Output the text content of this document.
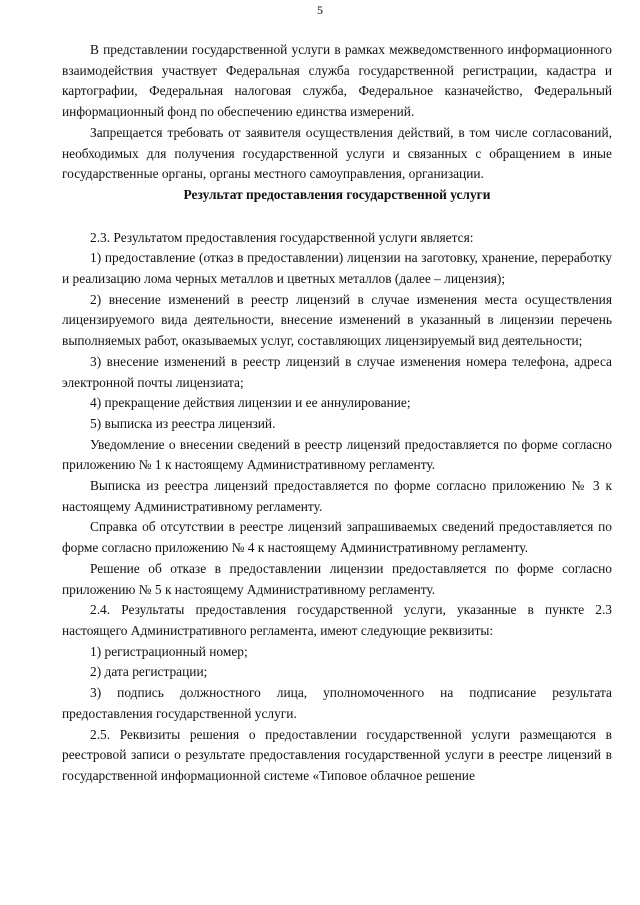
5

В представлении государственной услуги в рамках межведомственного информационного взаимодействия участвует Федеральная служба государственной регистрации, кадастра и картографии, Федеральная налоговая служба, Федеральное казначейство, Федеральный информационный фонд по обеспечению единства измерений.

Запрещается требовать от заявителя осуществления действий, в том числе согласований, необходимых для получения государственной услуги и связанных с обращением в иные государственные органы, органы местного самоуправления, организации.

Результат предоставления государственной услуги

2.3. Результатом предоставления государственной услуги является:

1) предоставление (отказ в предоставлении) лицензии на заготовку, хранение, переработку и реализацию лома черных металлов и цветных металлов (далее – лицензия);

2) внесение изменений в реестр лицензий в случае изменения места осуществления лицензируемого вида деятельности, внесение изменений в указанный в лицензии перечень выполняемых работ, оказываемых услуг, составляющих лицензируемый вид деятельности;

3) внесение изменений в реестр лицензий в случае изменения номера телефона, адреса электронной почты лицензиата;

4) прекращение действия лицензии и ее аннулирование;

5) выписка из реестра лицензий.

Уведомление о внесении сведений в реестр лицензий предоставляется по форме согласно приложению № 1 к настоящему Административному регламенту.

Выписка из реестра лицензий предоставляется по форме согласно приложению № 3 к настоящему Административному регламенту.

Справка об отсутствии в реестре лицензий запрашиваемых сведений предоставляется по форме согласно приложению № 4 к настоящему Административному регламенту.

Решение об отказе в предоставлении лицензии предоставляется по форме согласно приложению № 5 к настоящему Административному регламенту.

2.4. Результаты предоставления государственной услуги, указанные в пункте 2.3 настоящего Административного регламента, имеют следующие реквизиты:

1) регистрационный номер;

2) дата регистрации;

3) подпись должностного лица, уполномоченного на подписание результата предоставления государственной услуги.

2.5. Реквизиты решения о предоставлении государственной услуги размещаются в реестровой записи о результате предоставления государственной услуги в реестре лицензий в государственной информационной системе «Типовое облачное решение
